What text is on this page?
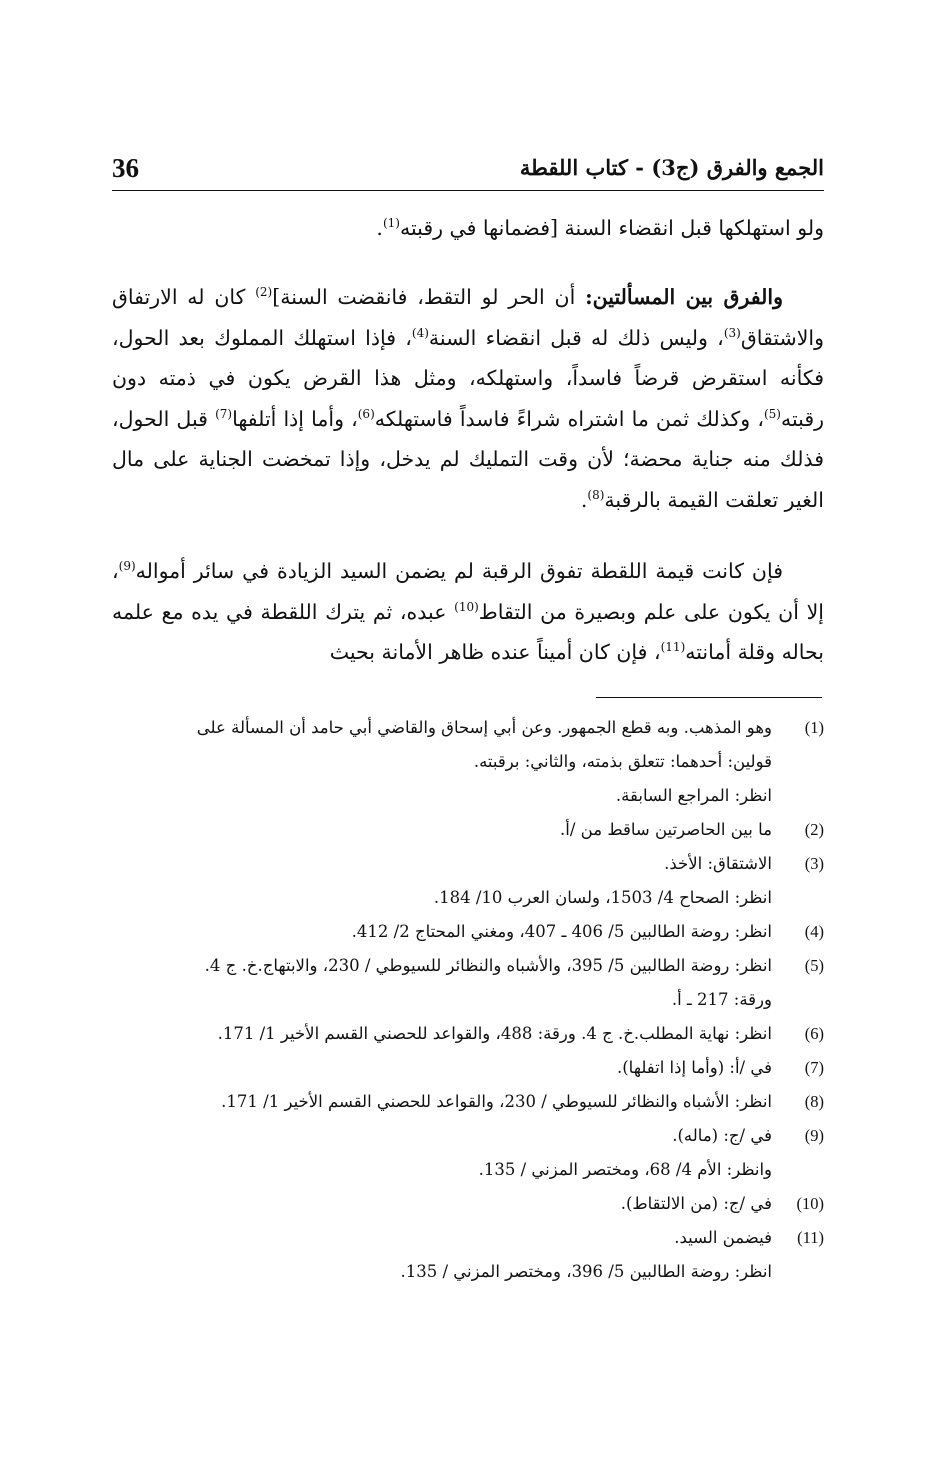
36	الجمع والفرق (ج3) - كتاب اللقطة

ولو استهلكها قبل انقضاء السنة [فضمانها في رقبته$^{(1)}$.

  والفرق بين المسألتين: أن الحر لو التقط، فانقضت السنة]$^{(2)}$ كان له الارتفاق والاشتقاق$^{(3)}$، وليس ذلك له قبل انقضاء السنة$^{(4)}$، فإذا استهلك المملوك بعد الحول، فكأنه استقرض قرضاً فاسداً، واستهلكه، ومثل هذا القرض يكون في ذمته دون رقبته$^{(5)}$، وكذلك ثمن ما اشتراه شراءً فاسداً فاستهلكه$^{(6)}$، وأما إذا أتلفها$^{(7)}$ قبل الحول، فذلك منه جناية محضة؛ لأن وقت التمليك لم يدخل، وإذا تمخضت الجناية على مال الغير تعلقت القيمة بالرقبة$^{(8)}$.

  فإن كانت قيمة اللقطة تفوق الرقبة لم يضمن السيد الزيادة في سائر أمواله$^{(9)}$، إلا أن يكون على علم وبصيرة من التقاط$^{(10)}$ عبده، ثم يترك اللقطة في يده مع علمه بحاله وقلة أمانته$^{(11)}$، فإن كان أميناً عنده ظاهر الأمانة بحيث

(1)
وهو المذهب. وبه قطع الجمهور. وعن أبي إسحاق والقاضي أبي حامد أن المسألة على
قولين: أحدهما: تتعلق بذمته، والثاني: برقبته.
انظر: المراجع السابقة.
(2)
ما بين الحاصرتين ساقط من /أ.
(3)
الاشتقاق: الأخذ.
انظر: الصحاح 4/ 1503، ولسان العرب 10/ 184.
(4)
انظر: روضة الطالبين 5/ 406 ـ 407، ومغني المحتاج 2/ 412.
(5)
انظر: روضة الطالبين 5/ 395، والأشباه والنظائر للسيوطي / 230، والابتهاج.خ. ج 4.
ورقة: 217 ـ أ.
(6)
انظر: نهاية المطلب.خ. ج 4. ورقة: 488، والقواعد للحصني القسم الأخير 1/ 171.
(7)
في /أ: (وأما إذا اتفلها).
(8)
انظر: الأشباه والنظائر للسيوطي / 230، والقواعد للحصني القسم الأخير 1/ 171.
(9)
في /ج: (ماله).
وانظر: الأم 4/ 68، ومختصر المزني / 135.
(10)
في /ج: (من الالتقاط).
(11)
فيضمن السيد.
انظر: روضة الطالبين 5/ 396، ومختصر المزني / 135.
